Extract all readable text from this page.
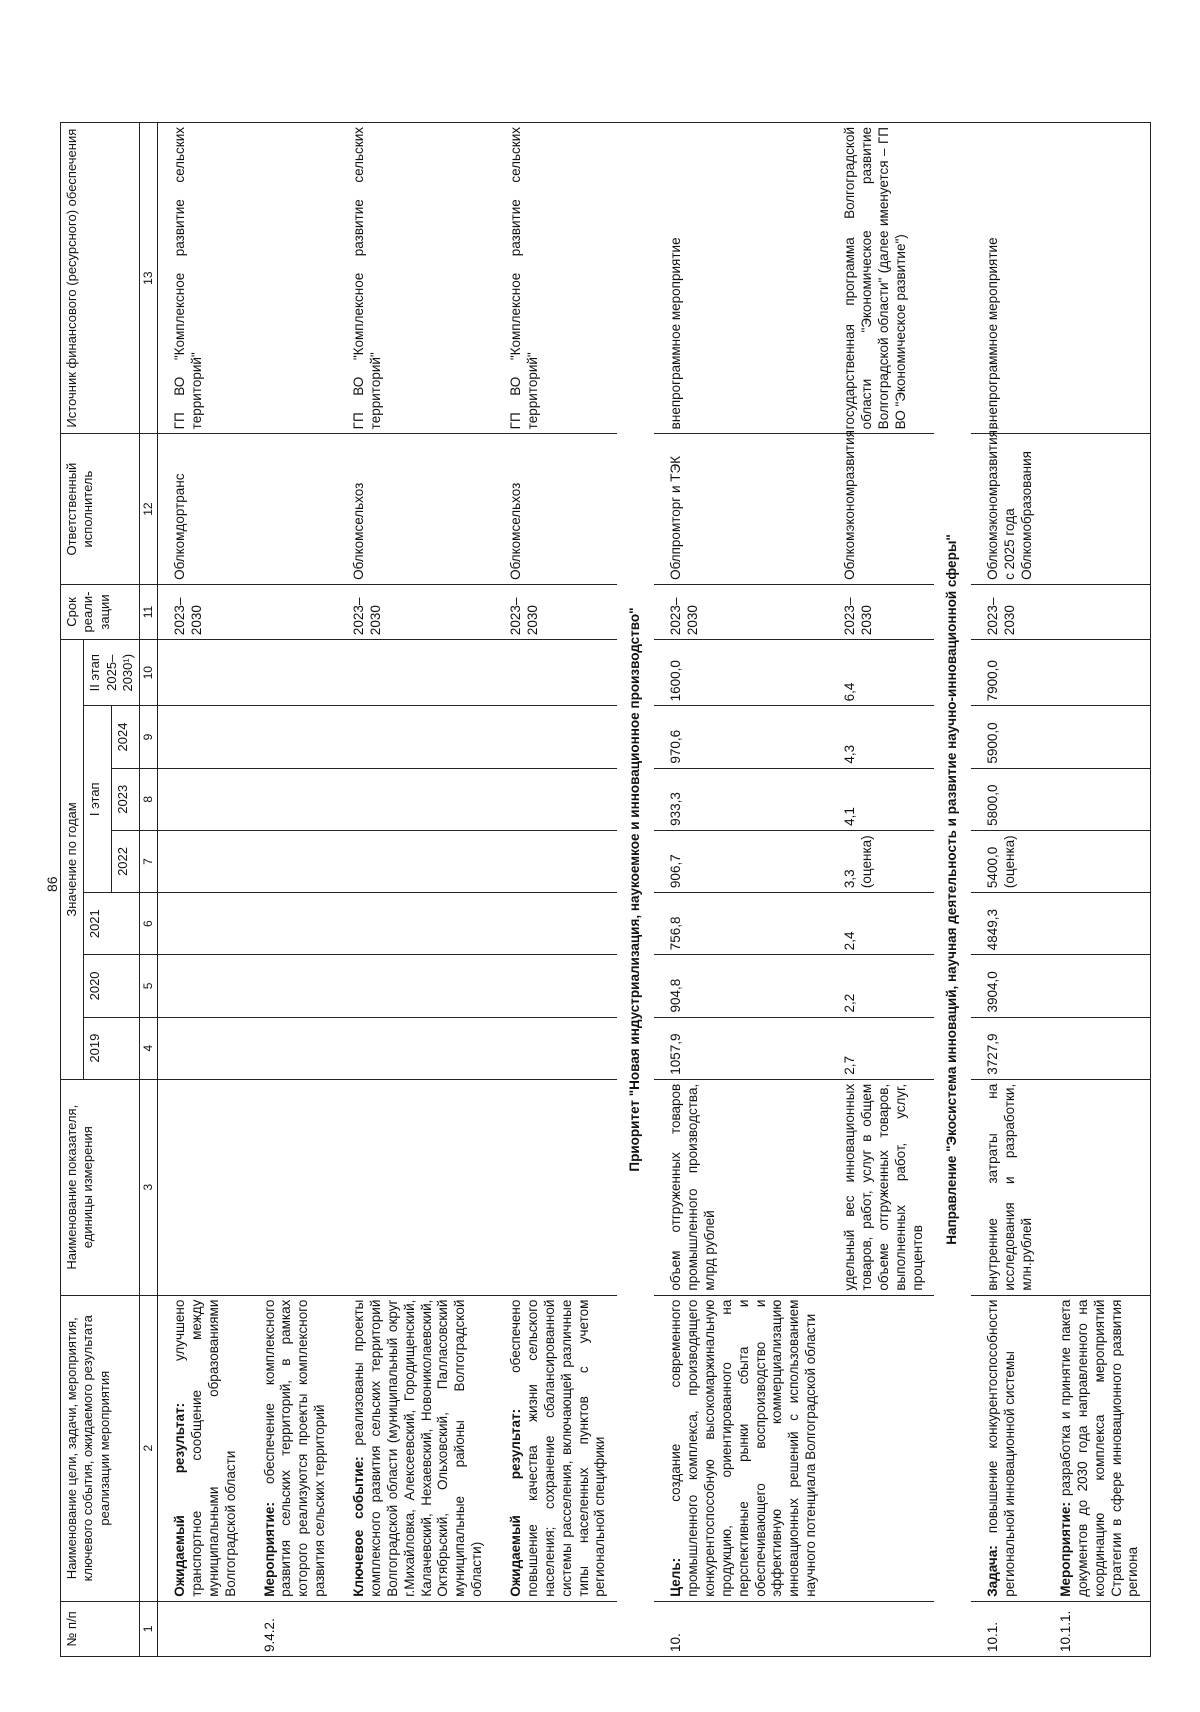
86
№ п/п	Наименование цели, задачи, мероприятия, ключевого события, ожидаемого результата реализации мероприятия	Наименование показателя, единицы измерения	Значение по годам							Срок реали-зации	Ответственный исполнитель	Источник финансового (ресурсного) обеспечения
			2019	2020	2021	I этап			II этап 2025–2030¹)			
						2022	2023	2024				
1	2	3	4	5	6	7	8	9	10	11	12	13
	Ожидаемый результат: улучшено транспортное сообщение между муниципальными образованиями Волгоградской области									2023–2030	Облкомдортранс	ГП ВО "Комплексное развитие сельских территорий"
9.4.2.	Мероприятие: обеспечение комплексного развития сельских территорий, в рамках которого реализуются проекты комплексного развития сельских территорий											
	Ключевое событие: реализованы проекты комплексного развития сельских территорий Волгоградской области (муниципальный округ г.Михайловка, Алексеевский, Городищенский, Калачевский, Нехаевский, Новониколаевский, Октябрьский, Ольховский, Палласовский муниципальные районы Волгоградской области)									2023–2030	Облкомсельхоз	ГП ВО "Комплексное развитие сельских территорий"
	Ожидаемый результат: обеспечено повышение качества жизни сельского населения; сохранение сбалансированной системы расселения, включающей различные типы населенных пунктов с учетом региональной специфики									2023–2030	Облкомсельхоз	ГП ВО "Комплексное развитие сельских территорий"
Приоритет "Новая индустриализация, наукоемкое и инновационное производство"												
10.	Цель: создание современного промышленного комплекса, производящего конкурентоспособную высокомаржинальную продукцию, ориентированного на перспективные рынки сбыта и обеспечивающего воспроизводство и эффективную коммерциализацию инновационных решений с использованием научного потенциала Волгоградской области	объем отгруженных товаров промышленного производства, млрд рублей	1057,9	904,8	756,8	906,7	933,3	970,6	1600,0	2023–2030	Облпромторг и ТЭК	внепрограммное мероприятие
		удельный вес инновационных товаров, работ, услуг в общем объеме отгруженных товаров, выполненных работ, услуг, процентов	2,7	2,2	2,4	3,3 (оценка)	4,1	4,3	6,4	2023–2030	Облкомэкономразвития	государственная программа Волгоградской области "Экономическое развитие Волгоградской области" (далее именуется – ГП ВО "Экономическое развитие")
Направление "Экосистема инноваций, научная деятельность и развитие научно-инновационной сферы"												
10.1.	Задача: повышение конкурентоспособности региональной инновационной системы	внутренние затраты на исследования и разработки, млн.рублей	3727,9	3904,0	4849,3	5400,0 (оценка)	5800,0	5900,0	7900,0	2023–2030	Облкомэкономразвития, с 2025 года Облкомобразования	внепрограммное мероприятие
10.1.1.	Мероприятие: разработка и принятие пакета документов до 2030 года направленного на координацию комплекса мероприятий Стратегии в сфере инновационного развития региона											
